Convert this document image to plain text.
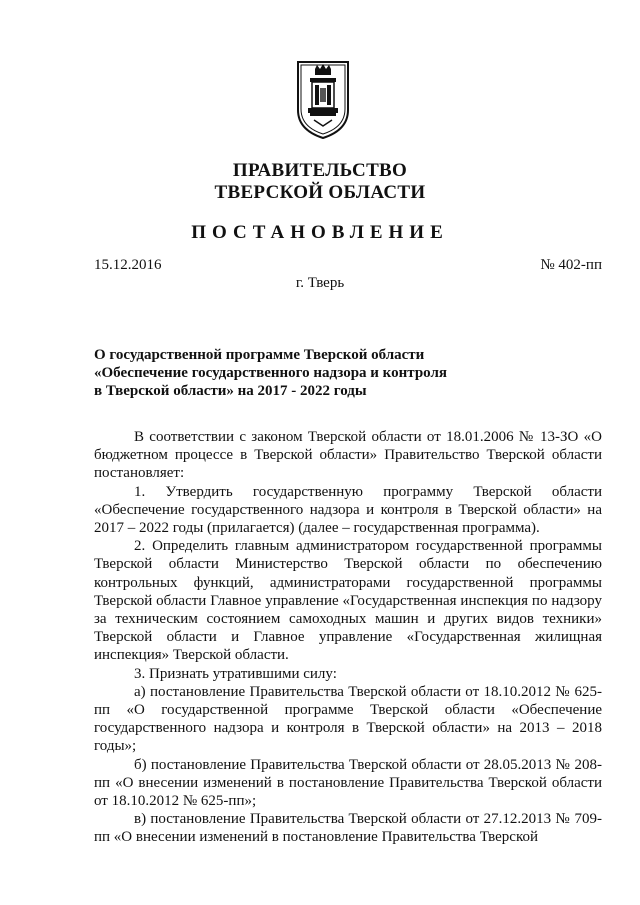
ПРАВИТЕЛЬСТВО
ТВЕРСКОЙ ОБЛАСТИ
ПОСТАНОВЛЕНИЕ
15.12.2016	№ 402-пп
г. Тверь
О государственной программе Тверской области
«Обеспечение государственного надзора и контроля
в Тверской области» на 2017 - 2022 годы

В соответствии с законом Тверской области от 18.01.2006 № 13-ЗО «О бюджетном процессе в Тверской области» Правительство Тверской области постановляет:

1. Утвердить государственную программу Тверской области «Обеспечение государственного надзора и контроля в Тверской области» на 2017 – 2022 годы (прилагается) (далее – государственная программа).

2. Определить главным администратором государственной программы Тверской области Министерство Тверской области по обеспечению контрольных функций, администраторами государственной программы Тверской области Главное управление «Государственная инспекция по надзору за техническим состоянием самоходных машин и других видов техники» Тверской области и Главное управление «Государственная жилищная инспекция» Тверской области.

3. Признать утратившими силу:

а) постановление Правительства Тверской области от 18.10.2012 № 625-пп «О государственной программе Тверской области «Обеспечение государственного надзора и контроля в Тверской области» на 2013 – 2018 годы»;

б) постановление Правительства Тверской области от 28.05.2013 № 208-пп «О внесении изменений в постановление Правительства Тверской области от 18.10.2012 № 625-пп»;

в) постановление Правительства Тверской области от 27.12.2013 № 709-пп «О внесении изменений в постановление Правительства Тверской
